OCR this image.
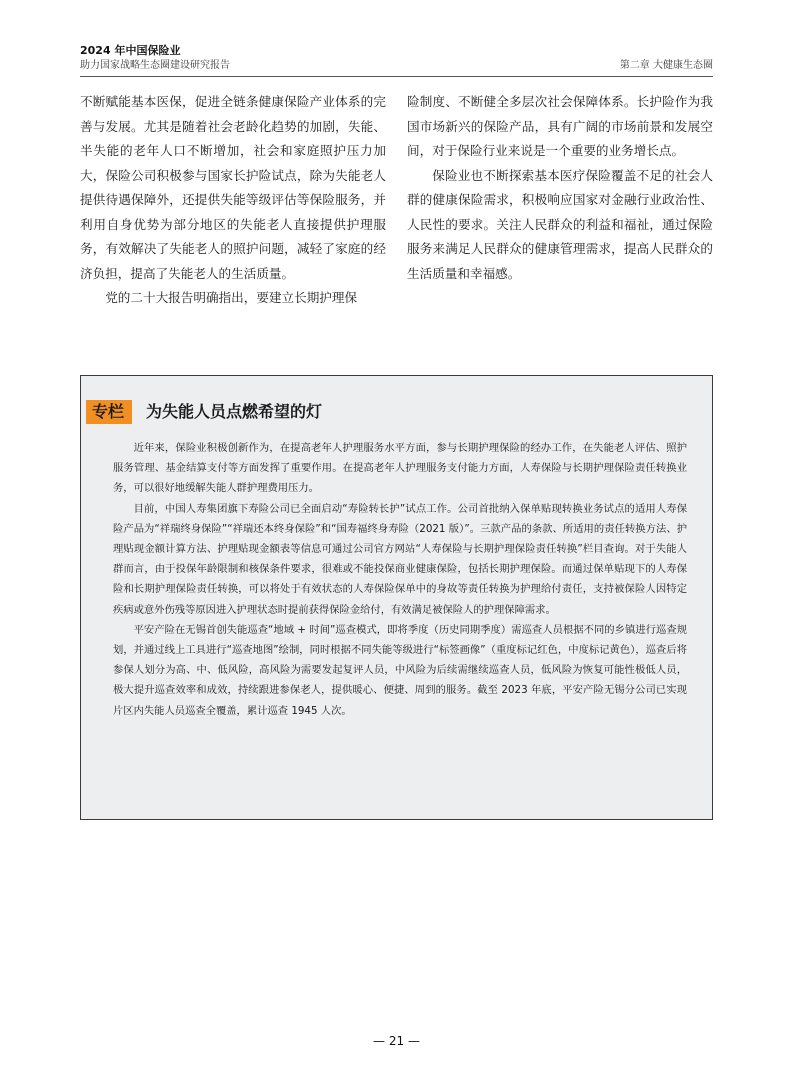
2024 年中国保险业
助力国家战略生态圈建设研究报告	第二章 大健康生态圈

不断赋能基本医保，促进全链条健康保险产业体系的完善与发展。尤其是随着社会老龄化趋势的加剧，失能、半失能的老年人口不断增加，社会和家庭照护压力加大，保险公司积极参与国家长护险试点，除为失能老人提供待遇保障外，还提供失能等级评估等保险服务，并利用自身优势为部分地区的失能老人直接提供护理服务，有效解决了失能老人的照护问题，减轻了家庭的经济负担，提高了失能老人的生活质量。

党的二十大报告明确指出，要建立长期护理保

险制度、不断健全多层次社会保障体系。长护险作为我国市场新兴的保险产品，具有广阔的市场前景和发展空间，对于保险行业来说是一个重要的业务增长点。

保险业也不断探索基本医疗保险覆盖不足的社会人群的健康保险需求，积极响应国家对金融行业政治性、人民性的要求。关注人民群众的利益和福祉，通过保险服务来满足人民群众的健康管理需求，提高人民群众的生活质量和幸福感。

专栏	为失能人员点燃希望的灯

近年来，保险业积极创新作为，在提高老年人护理服务水平方面，参与长期护理保险的经办工作，在失能老人评估、照护服务管理、基金结算支付等方面发挥了重要作用。在提高老年人护理服务支付能力方面，人寿保险与长期护理保险责任转换业务，可以很好地缓解失能人群护理费用压力。

目前，中国人寿集团旗下寿险公司已全面启动“寿险转长护”试点工作。公司首批纳入保单贴现转换业务试点的适用人寿保险产品为“祥瑞终身保险”“祥瑞还本终身保险”和“国寿福终身寿险（2021 版）”。三款产品的条款、所适用的责任转换方法、护理贴现金额计算方法、护理贴现金额表等信息可通过公司官方网站“人寿保险与长期护理保险责任转换”栏目查询。对于失能人群而言，由于投保年龄限制和核保条件要求，很难或不能投保商业健康保险，包括长期护理保险。而通过保单贴现下的人寿保险和长期护理保险责任转换，可以将处于有效状态的人寿保险保单中的身故等责任转换为护理给付责任，支持被保险人因特定疾病或意外伤残等原因进入护理状态时提前获得保险金给付，有效满足被保险人的护理保障需求。

平安产险在无锡首创失能巡查“地域 + 时间”巡查模式，即将季度（历史同期季度）需巡查人员根据不同的乡镇进行巡查规划，并通过线上工具进行“巡查地图”绘制，同时根据不同失能等级进行“标签画像”（重度标记红色，中度标记黄色），巡查后将参保人划分为高、中、低风险，高风险为需要发起复评人员，中风险为后续需继续巡查人员，低风险为恢复可能性极低人员，极大提升巡查效率和成效，持续跟进参保老人，提供暖心、便捷、周到的服务。截至 2023 年底，平安产险无锡分公司已实现片区内失能人员巡查全覆盖，累计巡查 1945 人次。

— 21 —
